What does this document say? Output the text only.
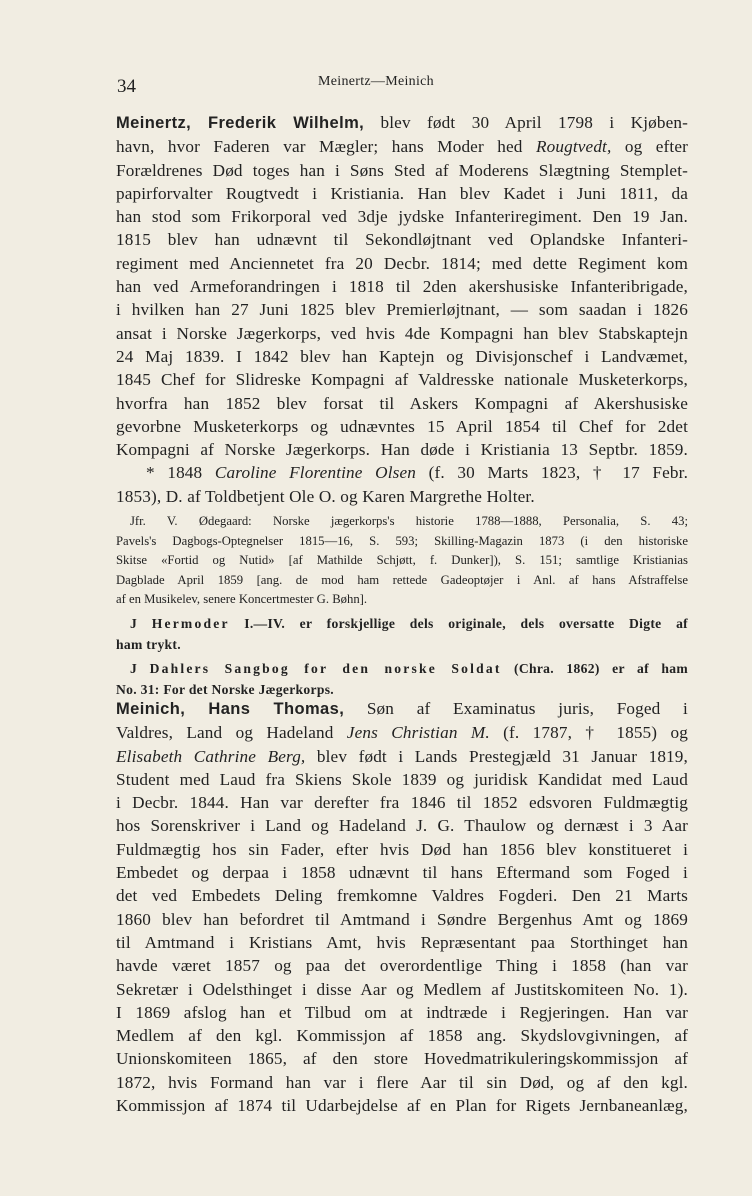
34	Meinertz—Meinich
Meinertz, Frederik Wilhelm, blev født 30 April 1798 i Kjøben-
havn, hvor Faderen var Mægler; hans Moder hed Rougtvedt, og efter
Forældrenes Død toges han i Søns Sted af Moderens Slægtning Stemplet-
papirforvalter Rougtvedt i Kristiania. Han blev Kadet i Juni 1811, da
han stod som Frikorporal ved 3dje jydske Infanteriregiment. Den 19 Jan.
1815 blev han udnævnt til Sekondløjtnant ved Oplandske Infanteri-
regiment med Anciennetet fra 20 Decbr. 1814; med dette Regiment kom
han ved Armeforandringen i 1818 til 2den akershusiske Infanteribrigade,
i hvilken han 27 Juni 1825 blev Premierløjtnant, — som saadan i 1826
ansat i Norske Jægerkorps, ved hvis 4de Kompagni han blev Stabskaptejn
24 Maj 1839. I 1842 blev han Kaptejn og Divisjonschef i Landvæmet,
1845 Chef for Slidreske Kompagni af Valdresske nationale Musketerkorps,
hvorfra han 1852 blev forsat til Askers Kompagni af Akershusiske
gevorbne Musketerkorps og udnævntes 15 April 1854 til Chef for 2det
Kompagni af Norske Jægerkorps. Han døde i Kristiania 13 Septbr. 1859.
* 1848 Caroline Florentine Olsen (f. 30 Marts 1823, † 17 Febr.
1853), D. af Toldbetjent Ole O. og Karen Margrethe Holter.
Jfr. V. Ødegaard: Norske jægerkorps's historie 1788—1888, Personalia, S. 43;
Pavels's Dagbogs-Optegnelser 1815—16, S. 593; Skilling-Magazin 1873 (i den historiske
Skitse «Fortid og Nutid» [af Mathilde Schjøtt, f. Dunker]), S. 151; samtlige Kristianias
Dagblade April 1859 [ang. de mod ham rettede Gadeoptøjer i Anl. af hans Afstraffelse
af en Musikelev, senere Koncertmester G. Bøhn].
J Hermoder I.—IV. er forskjellige dels originale, dels oversatte Digte af
ham trykt.
J Dahlers Sangbog for den norske Soldat (Chra. 1862) er af ham
No. 31: For det Norske Jægerkorps.
Meinich, Hans Thomas, Søn af Examinatus juris, Foged i
Valdres, Land og Hadeland Jens Christian M. (f. 1787, † 1855) og
Elisabeth Cathrine Berg, blev født i Lands Prestegjæld 31 Januar 1819,
Student med Laud fra Skiens Skole 1839 og juridisk Kandidat med Laud
i Decbr. 1844. Han var derefter fra 1846 til 1852 edsvoren Fuldmægtig
hos Sorenskriver i Land og Hadeland J. G. Thaulow og dernæst i 3 Aar
Fuldmægtig hos sin Fader, efter hvis Død han 1856 blev konstitueret i
Embedet og derpaa i 1858 udnævnt til hans Eftermand som Foged i
det ved Embedets Deling fremkomne Valdres Fogderi. Den 21 Marts
1860 blev han befordret til Amtmand i Søndre Bergenhus Amt og 1869
til Amtmand i Kristians Amt, hvis Repræsentant paa Storthinget han
havde været 1857 og paa det overordentlige Thing i 1858 (han var
Sekretær i Odelsthinget i disse Aar og Medlem af Justitskomiteen No. 1).
I 1869 afslog han et Tilbud om at indtræde i Regjeringen. Han var
Medlem af den kgl. Kommissjon af 1858 ang. Skydslovgivningen, af
Unionskomiteen 1865, af den store Hovedmatrikuleringskommissjon af
1872, hvis Formand han var i flere Aar til sin Død, og af den kgl.
Kommissjon af 1874 til Udarbejdelse af en Plan for Rigets Jernbaneanlæg,
